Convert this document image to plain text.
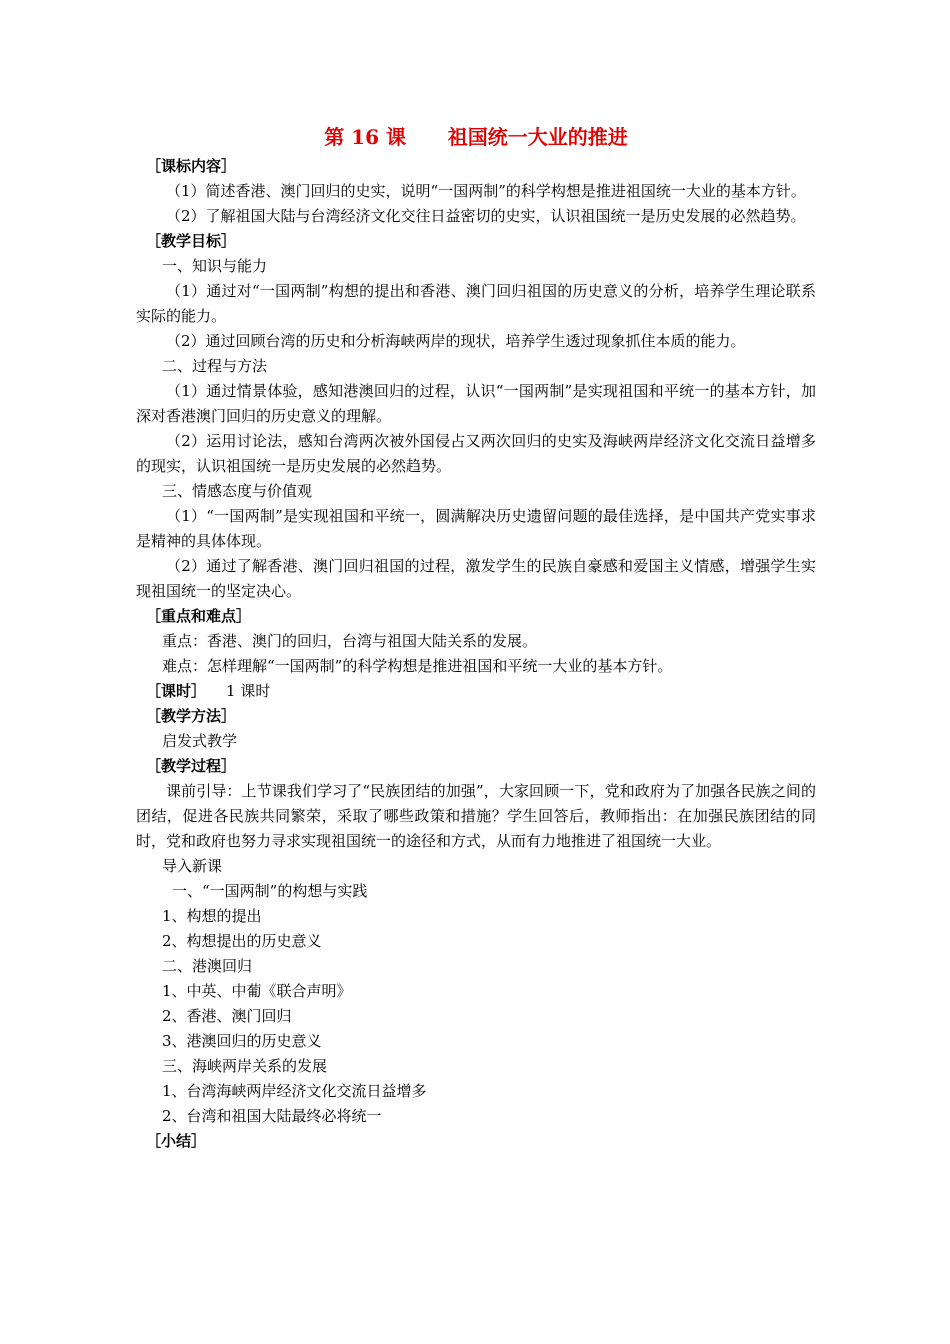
第 16 课      祖国统一大业的推进
［课标内容］
（1）简述香港、澳门回归的史实，说明“一国两制”的科学构想是推进祖国统一大业的基本方针。
（2）了解祖国大陆与台湾经济文化交往日益密切的史实，认识祖国统一是历史发展的必然趋势。
［教学目标］
一、知识与能力
（1）通过对“一国两制”构想的提出和香港、澳门回归祖国的历史意义的分析，培养学生理论联系实际的能力。
（2）通过回顾台湾的历史和分析海峡两岸的现状，培养学生透过现象抓住本质的能力。
二、过程与方法
（1）通过情景体验，感知港澳回归的过程，认识“一国两制”是实现祖国和平统一的基本方针，加深对香港澳门回归的历史意义的理解。
（2）运用讨论法，感知台湾两次被外国侵占又两次回归的史实及海峡两岸经济文化交流日益增多的现实，认识祖国统一是历史发展的必然趋势。
三、情感态度与价值观
（1）“一国两制”是实现祖国和平统一，圆满解决历史遗留问题的最佳选择，是中国共产党实事求是精神的具体体现。
（2）通过了解香港、澳门回归祖国的过程，激发学生的民族自豪感和爱国主义情感，增强学生实现祖国统一的坚定决心。
［重点和难点］
重点：香港、澳门的回归，台湾与祖国大陆关系的发展。
难点：怎样理解“一国两制”的科学构想是推进祖国和平统一大业的基本方针。
［课时］ 1 课时
［教学方法］
启发式教学
［教学过程］
课前引导：上节课我们学习了“民族团结的加强”，大家回顾一下，党和政府为了加强各民族之间的团结，促进各民族共同繁荣，采取了哪些政策和措施？学生回答后，教师指出：在加强民族团结的同时，党和政府也努力寻求实现祖国统一的途径和方式，从而有力地推进了祖国统一大业。
导入新课
一、“一国两制”的构想与实践
1、构想的提出
2、构想提出的历史意义
二、港澳回归
1、中英、中葡《联合声明》
2、香港、澳门回归
3、港澳回归的历史意义
三、海峡两岸关系的发展
1、台湾海峡两岸经济文化交流日益增多
2、台湾和祖国大陆最终必将统一
［小结］
